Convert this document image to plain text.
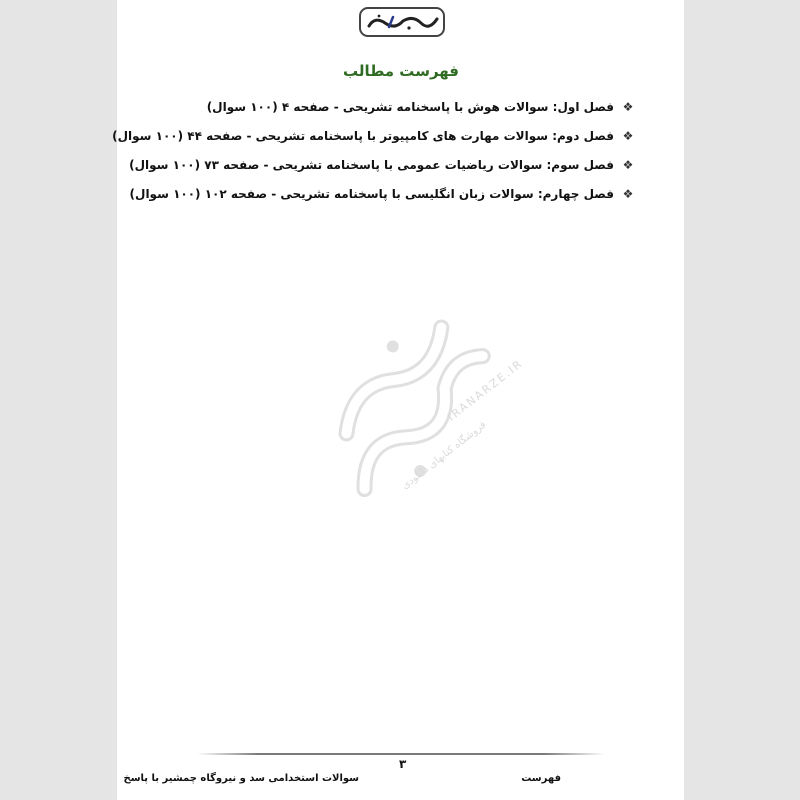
فهرست مطالب
❖
فصل اول: سوالات هوش با پاسخنامه تشریحی - صفحه ۴ (۱۰۰ سوال)
❖
فصل دوم: سوالات مهارت های کامپیوتر با پاسخنامه تشریحی - صفحه ۴۴ (۱۰۰ سوال)
❖
فصل سوم: سوالات ریاضیات عمومی با پاسخنامه تشریحی - صفحه ۷۳ (۱۰۰ سوال)
❖
فصل چهارم: سوالات زبان انگلیسی با پاسخنامه تشریحی - صفحه ۱۰۲ (۱۰۰ سوال)
IRANARZE.IR
فروشگاه کتابهای دانلودی
۳
سوالات استخدامی سد و نیروگاه چمشیر با پاسخ	فهرست
